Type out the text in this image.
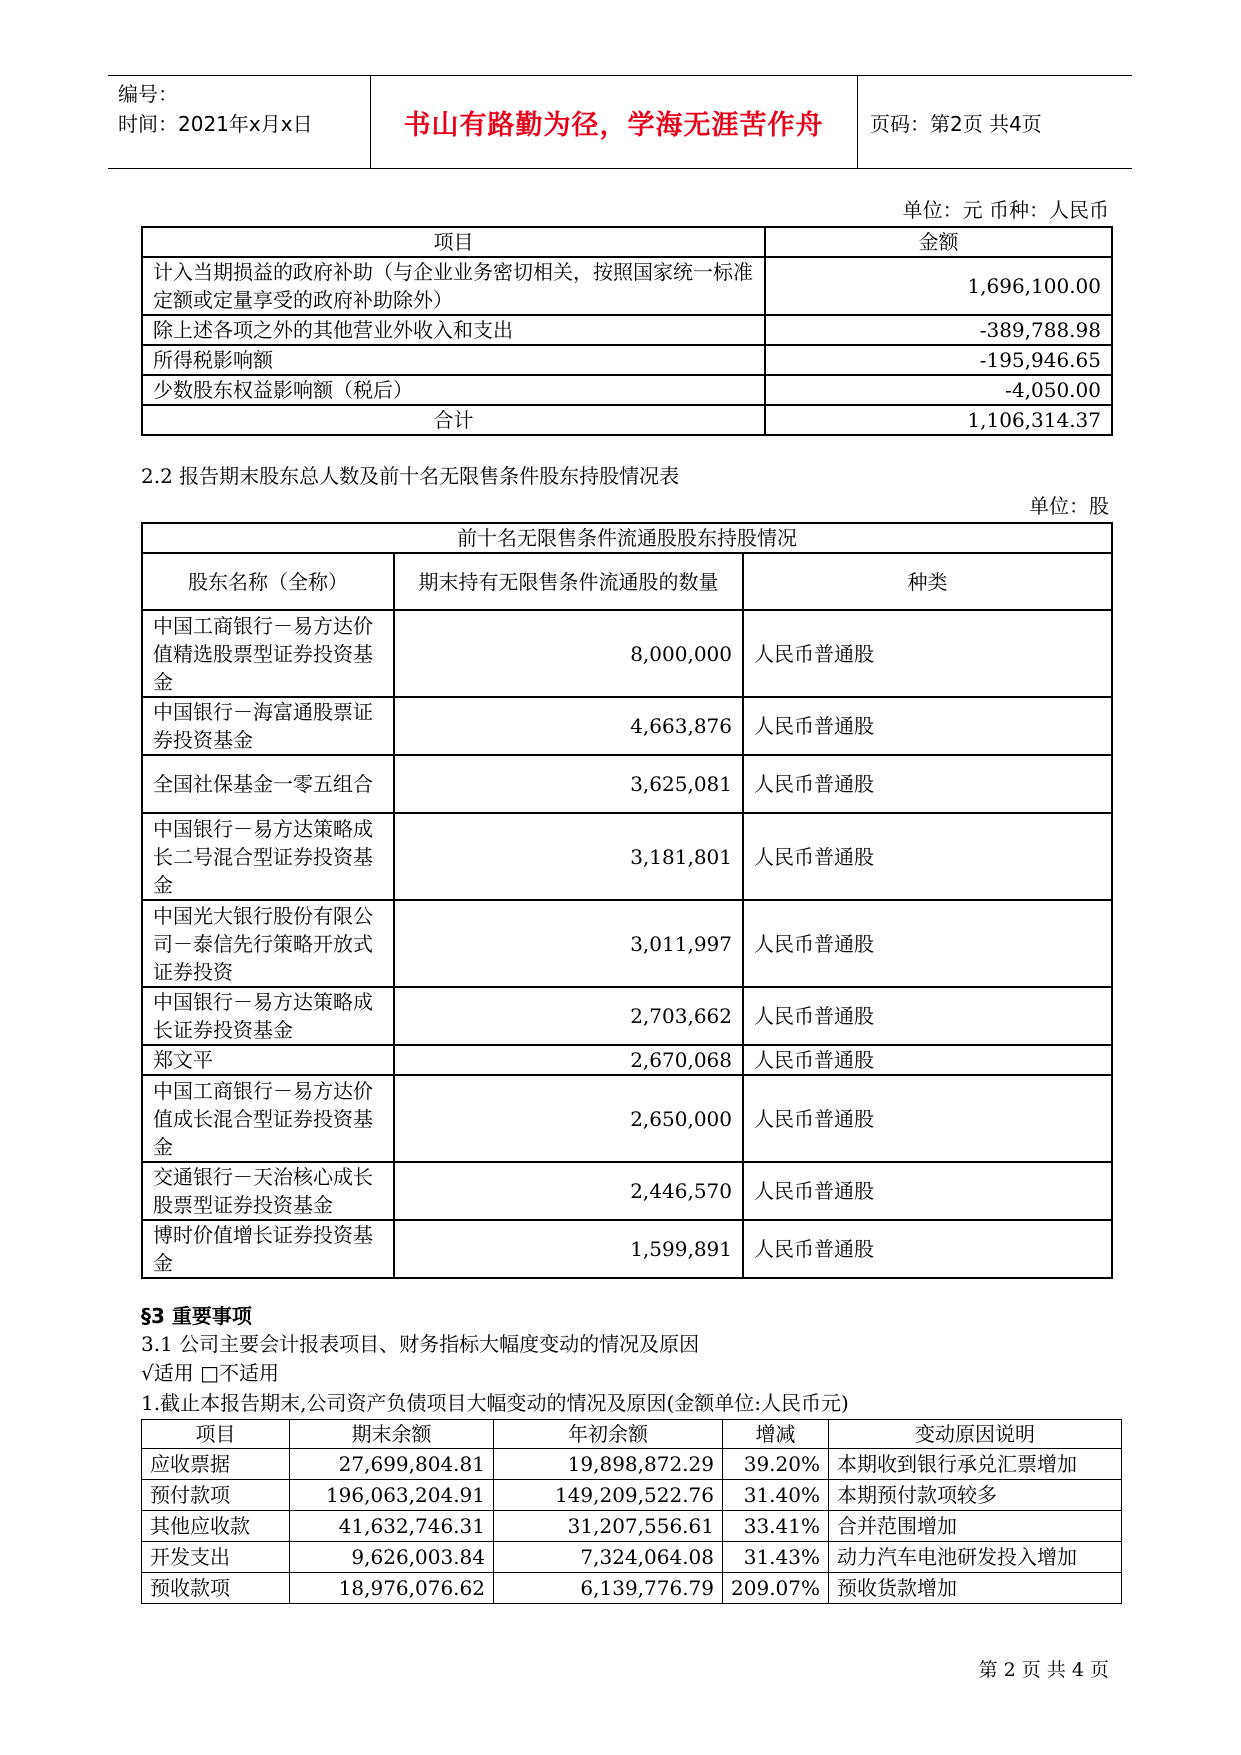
编号：
时间：2021年x月x日	书山有路勤为径，学海无涯苦作舟	页码：第2页 共4页
单位：元 币种：人民币
项目	金额
计入当期损益的政府补助（与企业业务密切相关，按照国家统一标准定额或定量享受的政府补助除外）	1,696,100.00
除上述各项之外的其他营业外收入和支出	-389,788.98
所得税影响额	-195,946.65
少数股东权益影响额（税后）	-4,050.00
合计	1,106,314.37
2.2 报告期末股东总人数及前十名无限售条件股东持股情况表
单位：股
前十名无限售条件流通股股东持股情况		
股东名称（全称）	期末持有无限售条件流通股的数量	种类
中国工商银行－易方达价值精选股票型证券投资基金	8,000,000	人民币普通股
中国银行－海富通股票证券投资基金	4,663,876	人民币普通股
全国社保基金一零五组合	3,625,081	人民币普通股
中国银行－易方达策略成长二号混合型证券投资基金	3,181,801	人民币普通股
中国光大银行股份有限公司－泰信先行策略开放式证券投资	3,011,997	人民币普通股
中国银行－易方达策略成长证券投资基金	2,703,662	人民币普通股
郑文平	2,670,068	人民币普通股
中国工商银行－易方达价值成长混合型证券投资基金	2,650,000	人民币普通股
交通银行－天治核心成长股票型证券投资基金	2,446,570	人民币普通股
博时价值增长证券投资基金	1,599,891	人民币普通股
§3 重要事项
3.1 公司主要会计报表项目、财务指标大幅度变动的情况及原因
√适用 □不适用
1.截止本报告期末,公司资产负债项目大幅变动的情况及原因(金额单位:人民币元)
项目	期末余额	年初余额	增减	变动原因说明
应收票据	27,699,804.81	19,898,872.29	39.20%	本期收到银行承兑汇票增加
预付款项	196,063,204.91	149,209,522.76	31.40%	本期预付款项较多
其他应收款	41,632,746.31	31,207,556.61	33.41%	合并范围增加
开发支出	9,626,003.84	7,324,064.08	31.43%	动力汽车电池研发投入增加
预收款项	18,976,076.62	6,139,776.79	209.07%	预收货款增加
第 2 页 共 4 页
